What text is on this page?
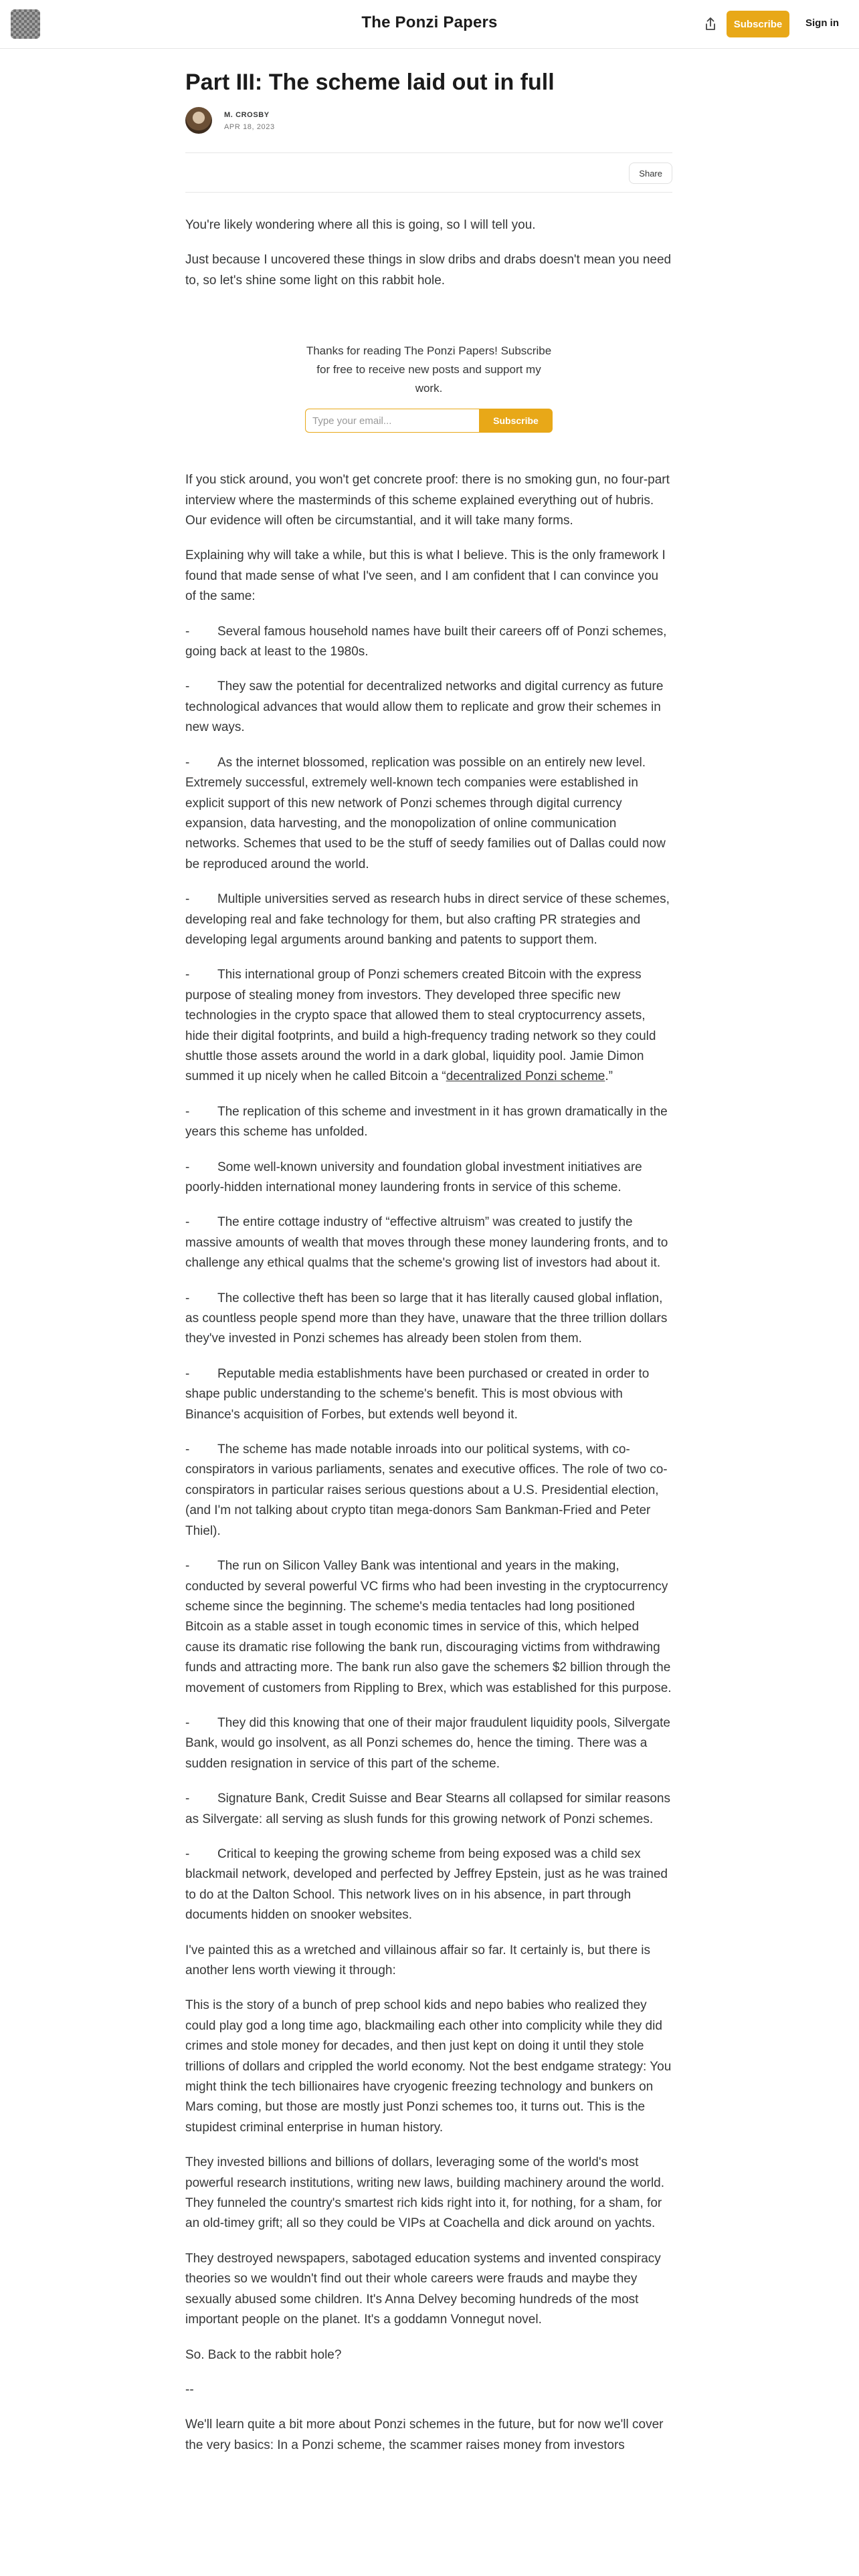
The Ponzi Papers	Subscribe	Sign in
Part III: The scheme laid out in full
M. CROSBY
APR 18, 2023
Share

You're likely wondering where all this is going, so I will tell you.

Just because I uncovered these things in slow dribs and drabs doesn't mean you need to, so let's shine some light on this rabbit hole.

Thanks for reading The Ponzi Papers! Subscribe for free to receive new posts and support my work.
Type your email...
Subscribe

If you stick around, you won't get concrete proof: there is no smoking gun, no four-part interview where the masterminds of this scheme explained everything out of hubris. Our evidence will often be circumstantial, and it will take many forms.

Explaining why will take a while, but this is what I believe. This is the only framework I found that made sense of what I've seen, and I am confident that I can convince you of the same:

- Several famous household names have built their careers off of Ponzi schemes, going back at least to the 1980s.

- They saw the potential for decentralized networks and digital currency as future technological advances that would allow them to replicate and grow their schemes in new ways.

- As the internet blossomed, replication was possible on an entirely new level. Extremely successful, extremely well-known tech companies were established in explicit support of this new network of Ponzi schemes through digital currency expansion, data harvesting, and the monopolization of online communication networks. Schemes that used to be the stuff of seedy families out of Dallas could now be reproduced around the world.

- Multiple universities served as research hubs in direct service of these schemes, developing real and fake technology for them, but also crafting PR strategies and developing legal arguments around banking and patents to support them.

- This international group of Ponzi schemers created Bitcoin with the express purpose of stealing money from investors. They developed three specific new technologies in the crypto space that allowed them to steal cryptocurrency assets, hide their digital footprints, and build a high-frequency trading network so they could shuttle those assets around the world in a dark global, liquidity pool. Jamie Dimon summed it up nicely when he called Bitcoin a “decentralized Ponzi scheme.”

- The replication of this scheme and investment in it has grown dramatically in the years this scheme has unfolded.

- Some well-known university and foundation global investment initiatives are poorly-hidden international money laundering fronts in service of this scheme.

- The entire cottage industry of “effective altruism” was created to justify the massive amounts of wealth that moves through these money laundering fronts, and to challenge any ethical qualms that the scheme's growing list of investors had about it.

- The collective theft has been so large that it has literally caused global inflation, as countless people spend more than they have, unaware that the three trillion dollars they've invested in Ponzi schemes has already been stolen from them.

- Reputable media establishments have been purchased or created in order to shape public understanding to the scheme's benefit. This is most obvious with Binance's acquisition of Forbes, but extends well beyond it.

- The scheme has made notable inroads into our political systems, with co-conspirators in various parliaments, senates and executive offices. The role of two co-conspirators in particular raises serious questions about a U.S. Presidential election, (and I'm not talking about crypto titan mega-donors Sam Bankman-Fried and Peter Thiel).

- The run on Silicon Valley Bank was intentional and years in the making, conducted by several powerful VC firms who had been investing in the cryptocurrency scheme since the beginning. The scheme's media tentacles had long positioned Bitcoin as a stable asset in tough economic times in service of this, which helped cause its dramatic rise following the bank run, discouraging victims from withdrawing funds and attracting more. The bank run also gave the schemers $2 billion through the movement of customers from Rippling to Brex, which was established for this purpose.

- They did this knowing that one of their major fraudulent liquidity pools, Silvergate Bank, would go insolvent, as all Ponzi schemes do, hence the timing. There was a sudden resignation in service of this part of the scheme.

- Signature Bank, Credit Suisse and Bear Stearns all collapsed for similar reasons as Silvergate: all serving as slush funds for this growing network of Ponzi schemes.

- Critical to keeping the growing scheme from being exposed was a child sex blackmail network, developed and perfected by Jeffrey Epstein, just as he was trained to do at the Dalton School. This network lives on in his absence, in part through documents hidden on snooker websites.

I've painted this as a wretched and villainous affair so far. It certainly is, but there is another lens worth viewing it through:

This is the story of a bunch of prep school kids and nepo babies who realized they could play god a long time ago, blackmailing each other into complicity while they did crimes and stole money for decades, and then just kept on doing it until they stole trillions of dollars and crippled the world economy. Not the best endgame strategy: You might think the tech billionaires have cryogenic freezing technology and bunkers on Mars coming, but those are mostly just Ponzi schemes too, it turns out. This is the stupidest criminal enterprise in human history.

They invested billions and billions of dollars, leveraging some of the world's most powerful research institutions, writing new laws, building machinery around the world. They funneled the country's smartest rich kids right into it, for nothing, for a sham, for an old-timey grift; all so they could be VIPs at Coachella and dick around on yachts.

They destroyed newspapers, sabotaged education systems and invented conspiracy theories so we wouldn't find out their whole careers were frauds and maybe they sexually abused some children. It's Anna Delvey becoming hundreds of the most important people on the planet. It's a goddamn Vonnegut novel.

So. Back to the rabbit hole?

--

We'll learn quite a bit more about Ponzi schemes in the future, but for now we'll cover the very basics: In a Ponzi scheme, the scammer raises money from investors
